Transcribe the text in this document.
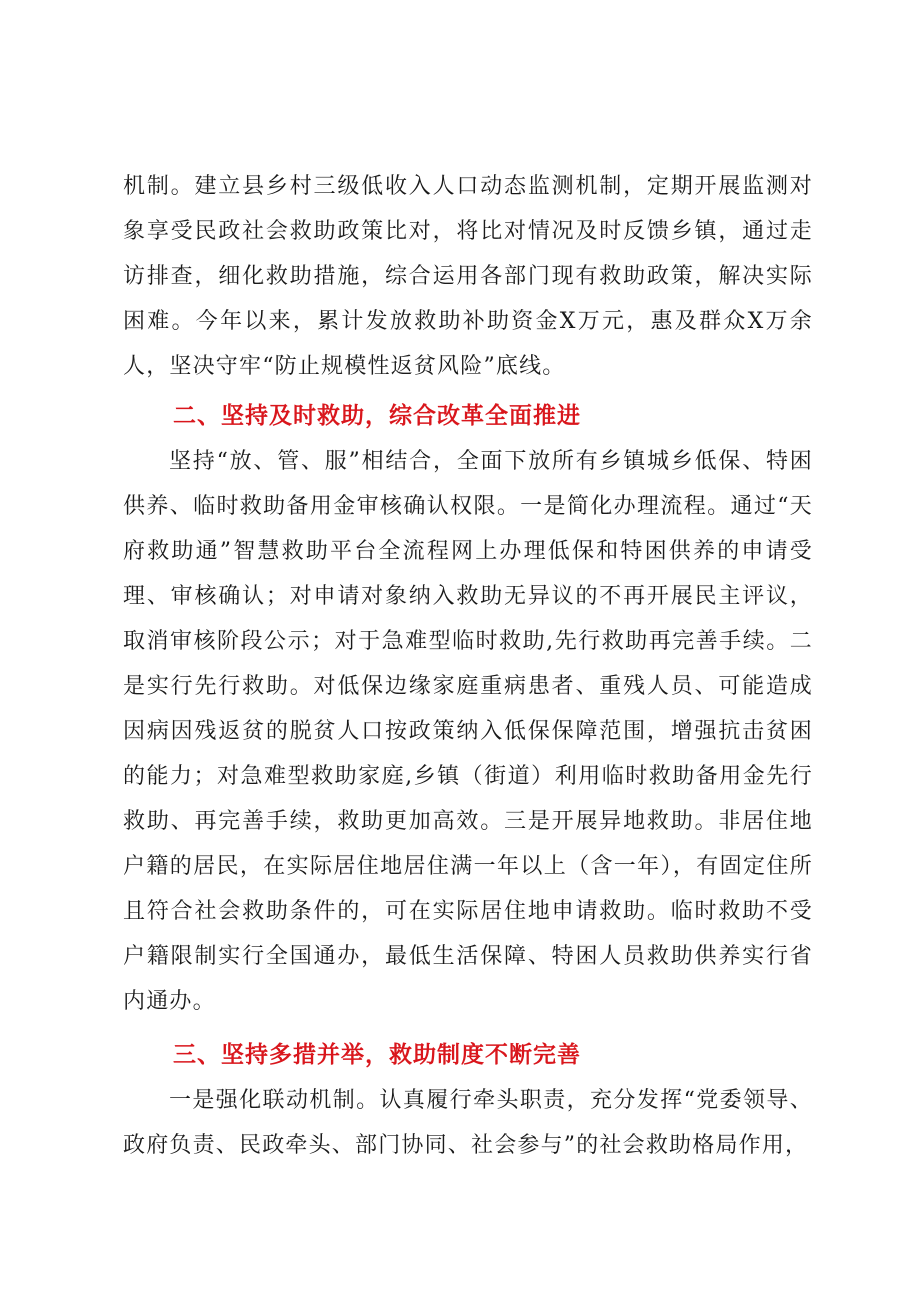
机制。建立县乡村三级低收入人口动态监测机制，定期开展监测对象享受民政社会救助政策比对，将比对情况及时反馈乡镇，通过走访排查，细化救助措施，综合运用各部门现有救助政策，解决实际困难。今年以来，累计发放救助补助资金X万元，惠及群众X万余人，坚决守牢“防止规模性返贫风险”底线。

二、坚持及时救助，综合改革全面推进

坚持“放、管、服”相结合，全面下放所有乡镇城乡低保、特困供养、临时救助备用金审核确认权限。一是简化办理流程。通过“天府救助通”智慧救助平台全流程网上办理低保和特困供养的申请受理、审核确认；对申请对象纳入救助无异议的不再开展民主评议，取消审核阶段公示；对于急难型临时救助,先行救助再完善手续。二是实行先行救助。对低保边缘家庭重病患者、重残人员、可能造成因病因残返贫的脱贫人口按政策纳入低保保障范围，增强抗击贫困的能力；对急难型救助家庭,乡镇（街道）利用临时救助备用金先行救助、再完善手续，救助更加高效。三是开展异地救助。非居住地户籍的居民，在实际居住地居住满一年以上（含一年），有固定住所且符合社会救助条件的，可在实际居住地申请救助。临时救助不受户籍限制实行全国通办，最低生活保障、特困人员救助供养实行省内通办。

三、坚持多措并举，救助制度不断完善

一是强化联动机制。认真履行牵头职责，充分发挥“党委领导、政府负责、民政牵头、部门协同、社会参与”的社会救助格局作用，
